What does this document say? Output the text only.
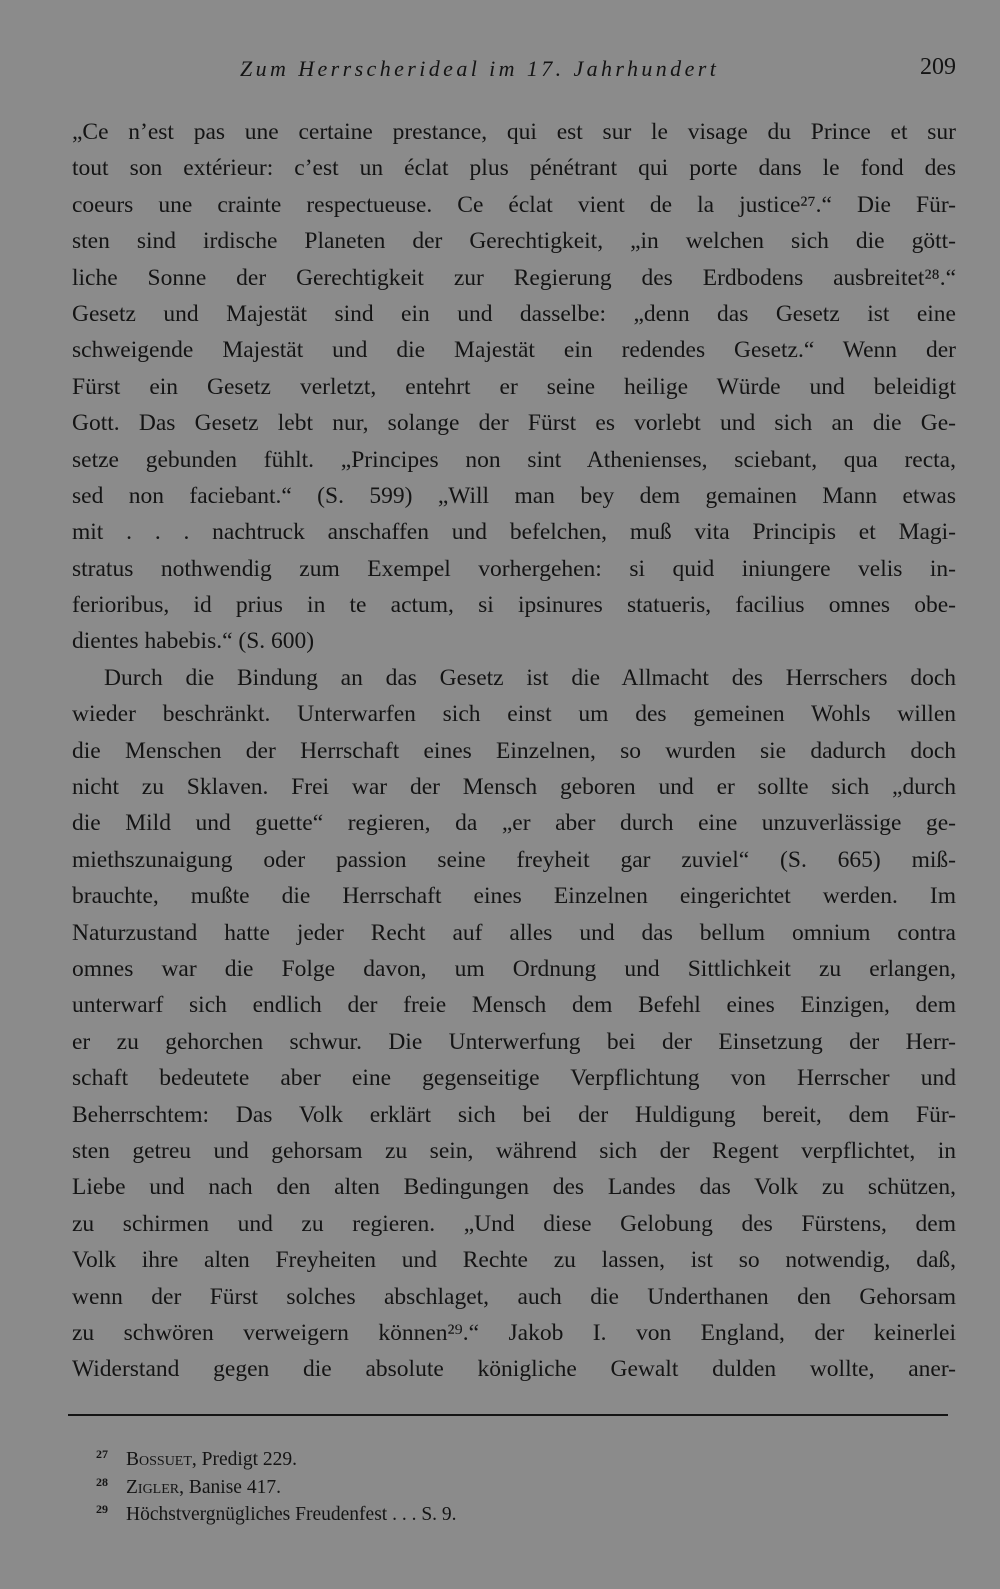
Zum Herrscherideal im 17. Jahrhundert	209
„Ce n’est pas une certaine prestance, qui est sur le visage du Prince et sur
tout son extérieur: c’est un éclat plus pénétrant qui porte dans le fond des
coeurs une crainte respectueuse. Ce éclat vient de la justice²⁷.“ Die Für-
sten sind irdische Planeten der Gerechtigkeit, „in welchen sich die gött-
liche Sonne der Gerechtigkeit zur Regierung des Erdbodens ausbreitet²⁸.“
Gesetz und Majestät sind ein und dasselbe: „denn das Gesetz ist eine
schweigende Majestät und die Majestät ein redendes Gesetz.“ Wenn der
Fürst ein Gesetz verletzt, entehrt er seine heilige Würde und beleidigt
Gott. Das Gesetz lebt nur, solange der Fürst es vorlebt und sich an die Ge-
setze gebunden fühlt. „Principes non sint Athenienses, sciebant, qua recta,
sed non faciebant.“ (S. 599) „Will man bey dem gemainen Mann etwas
mit . . . nachtruck anschaffen und befelchen, muß vita Principis et Magi-
stratus nothwendig zum Exempel vorhergehen: si quid iniungere velis in-
ferioribus, id prius in te actum, si ipsinures statueris, facilius omnes obe-
dientes habebis.“ (S. 600)
Durch die Bindung an das Gesetz ist die Allmacht des Herrschers doch
wieder beschränkt. Unterwarfen sich einst um des gemeinen Wohls willen
die Menschen der Herrschaft eines Einzelnen, so wurden sie dadurch doch
nicht zu Sklaven. Frei war der Mensch geboren und er sollte sich „durch
die Mild und guette“ regieren, da „er aber durch eine unzuverlässige ge-
miethszunaigung oder passion seine freyheit gar zuviel“ (S. 665) miß-
brauchte, mußte die Herrschaft eines Einzelnen eingerichtet werden. Im
Naturzustand hatte jeder Recht auf alles und das bellum omnium contra
omnes war die Folge davon, um Ordnung und Sittlichkeit zu erlangen,
unterwarf sich endlich der freie Mensch dem Befehl eines Einzigen, dem
er zu gehorchen schwur. Die Unterwerfung bei der Einsetzung der Herr-
schaft bedeutete aber eine gegenseitige Verpflichtung von Herrscher und
Beherrschtem: Das Volk erklärt sich bei der Huldigung bereit, dem Für-
sten getreu und gehorsam zu sein, während sich der Regent verpflichtet, in
Liebe und nach den alten Bedingungen des Landes das Volk zu schützen,
zu schirmen und zu regieren. „Und diese Gelobung des Fürstens, dem
Volk ihre alten Freyheiten und Rechte zu lassen, ist so notwendig, daß,
wenn der Fürst solches abschlaget, auch die Underthanen den Gehorsam
zu schwören verweigern können²⁹.“ Jakob I. von England, der keinerlei
Widerstand gegen die absolute königliche Gewalt dulden wollte, aner-
27 Bossuet, Predigt 229.
28 Zigler, Banise 417.
29 Höchstvergnügliches Freudenfest . . . S. 9.
